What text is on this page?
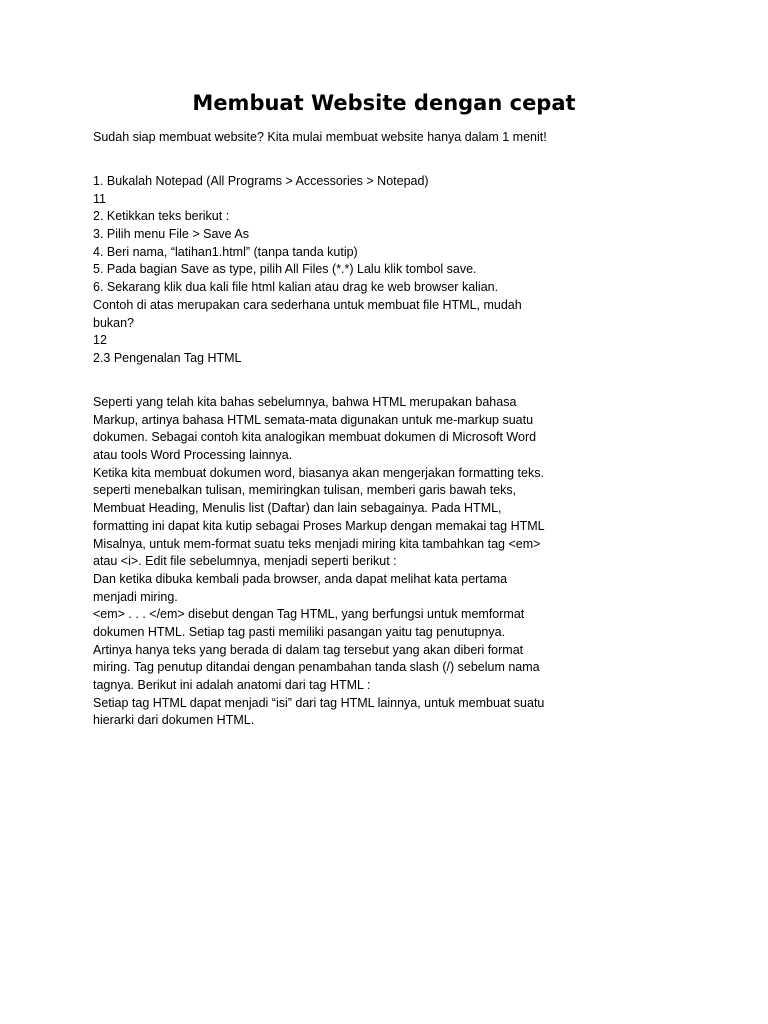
Membuat Website dengan cepat
Sudah siap membuat website? Kita mulai membuat website hanya dalam 1 menit!
1. Bukalah Notepad (All Programs > Accessories > Notepad)
11
2. Ketikkan teks berikut :
3. Pilih menu File > Save As
4. Beri nama, “latihan1.html” (tanpa tanda kutip)
5. Pada bagian Save as type, pilih All Files (*.*) Lalu klik tombol save.
6. Sekarang klik dua kali file html kalian atau drag ke web browser kalian.
Contoh di atas merupakan cara sederhana untuk membuat file HTML, mudah
bukan?
12
2.3 Pengenalan Tag HTML
Seperti yang telah kita bahas sebelumnya, bahwa HTML merupakan bahasa
Markup, artinya bahasa HTML semata-mata digunakan untuk me-markup suatu
dokumen. Sebagai contoh kita analogikan membuat dokumen di Microsoft Word
atau tools Word Processing lainnya.
Ketika kita membuat dokumen word, biasanya akan mengerjakan formatting teks.
seperti menebalkan tulisan, memiringkan tulisan, memberi garis bawah teks,
Membuat Heading, Menulis list (Daftar) dan lain sebagainya. Pada HTML,
formatting ini dapat kita kutip sebagai Proses Markup dengan memakai tag HTML
Misalnya, untuk mem-format suatu teks menjadi miring kita tambahkan tag <em>
atau <i>. Edit file sebelumnya, menjadi seperti berikut :
Dan ketika dibuka kembali pada browser, anda dapat melihat kata pertama
menjadi miring.
<em> . . . </em> disebut dengan Tag HTML, yang berfungsi untuk memformat
dokumen HTML. Setiap tag pasti memiliki pasangan yaitu tag penutupnya.
Artinya hanya teks yang berada di dalam tag tersebut yang akan diberi format
miring. Tag penutup ditandai dengan penambahan tanda slash (/) sebelum nama
tagnya. Berikut ini adalah anatomi dari tag HTML :
Setiap tag HTML dapat menjadi “isi” dari tag HTML lainnya, untuk membuat suatu
hierarki dari dokumen HTML.
